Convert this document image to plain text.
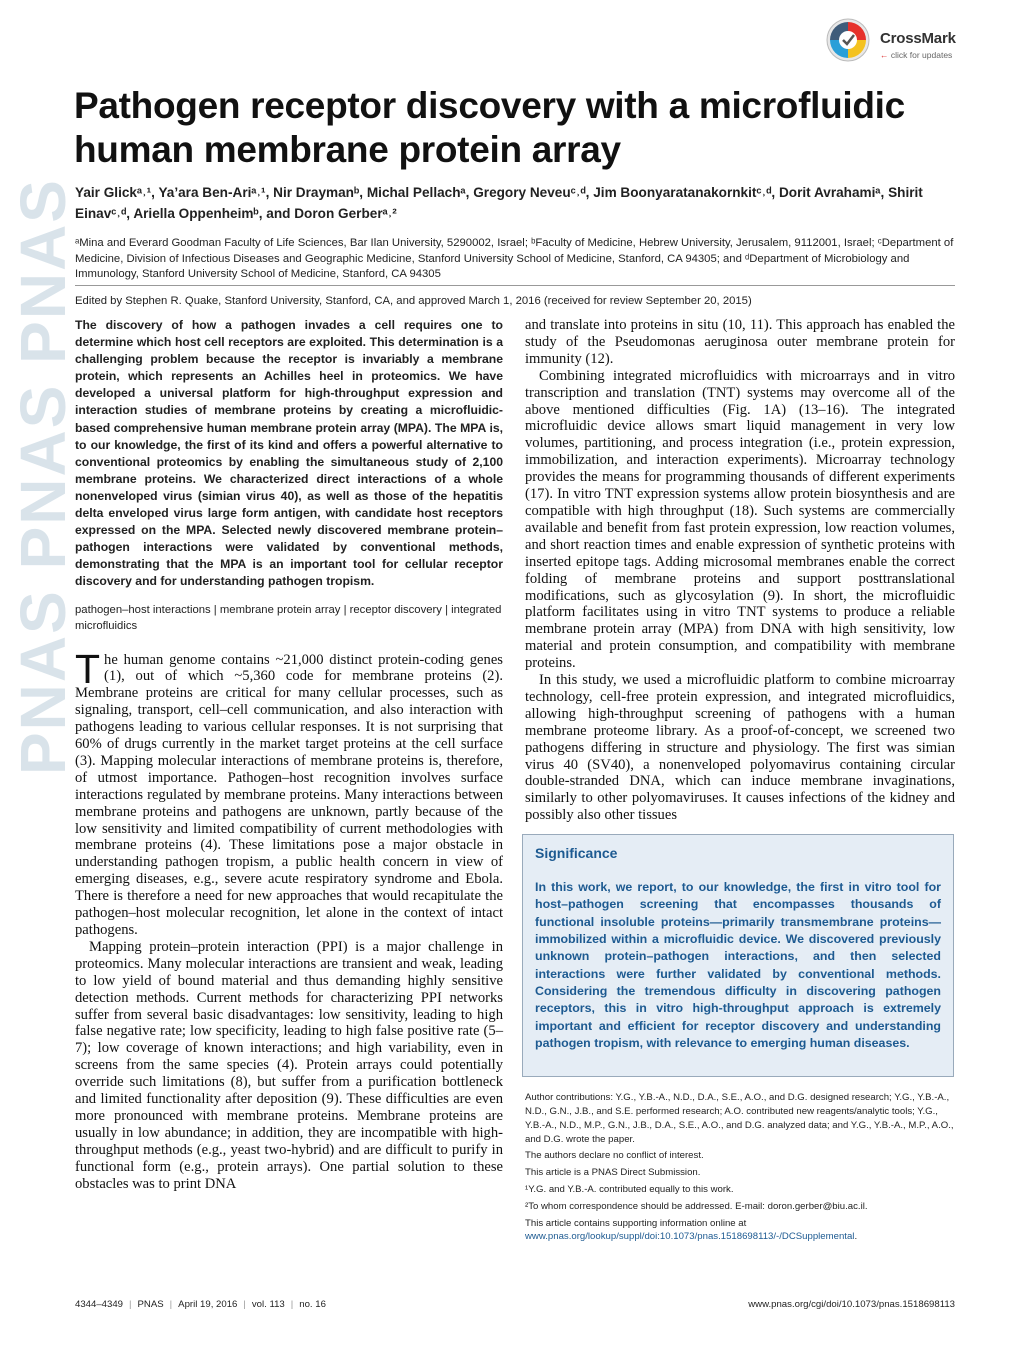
CrossMark
← click for updates
PNAS PNAS PNAS
Pathogen receptor discovery with a microfluidic human membrane protein array
Yair Glickᵃ˒¹, Ya’ara Ben-Ariᵃ˒¹, Nir Draymanᵇ, Michal Pellachᵃ, Gregory Neveuᶜ˒ᵈ, Jim Boonyaratanakornkitᶜ˒ᵈ, Dorit Avrahamiᵃ, Shirit Einavᶜ˒ᵈ, Ariella Oppenheimᵇ, and Doron Gerberᵃ˒²
ᵃMina and Everard Goodman Faculty of Life Sciences, Bar Ilan University, 5290002, Israel; ᵇFaculty of Medicine, Hebrew University, Jerusalem, 9112001, Israel; ᶜDepartment of Medicine, Division of Infectious Diseases and Geographic Medicine, Stanford University School of Medicine, Stanford, CA 94305; and ᵈDepartment of Microbiology and Immunology, Stanford University School of Medicine, Stanford, CA 94305
Edited by Stephen R. Quake, Stanford University, Stanford, CA, and approved March 1, 2016 (received for review September 20, 2015)

The discovery of how a pathogen invades a cell requires one to determine which host cell receptors are exploited. This determination is a challenging problem because the receptor is invariably a membrane protein, which represents an Achilles heel in proteomics. We have developed a universal platform for high-throughput expression and interaction studies of membrane proteins by creating a microfluidic-based comprehensive human membrane protein array (MPA). The MPA is, to our knowledge, the first of its kind and offers a powerful alternative to conventional proteomics by enabling the simultaneous study of 2,100 membrane proteins. We characterized direct interactions of a whole nonenveloped virus (simian virus 40), as well as those of the hepatitis delta enveloped virus large form antigen, with candidate host receptors expressed on the MPA. Selected newly discovered membrane protein–pathogen interactions were validated by conventional methods, demonstrating that the MPA is an important tool for cellular receptor discovery and for understanding pathogen tropism.

pathogen–host interactions | membrane protein array | receptor discovery | integrated microfluidics

The human genome contains ~21,000 distinct protein-coding genes (1), out of which ~5,360 code for membrane proteins (2). Membrane proteins are critical for many cellular processes, such as signaling, transport, cell–cell communication, and also interaction with pathogens leading to various cellular responses. It is not surprising that 60% of drugs currently in the market target proteins at the cell surface (3). Mapping molecular interactions of membrane proteins is, therefore, of utmost importance. Pathogen–host recognition involves surface interactions regulated by membrane proteins. Many interactions between membrane proteins and pathogens are unknown, partly because of the low sensitivity and limited compatibility of current methodologies with membrane proteins (4). These limitations pose a major obstacle in understanding pathogen tropism, a public health concern in view of emerging diseases, e.g., severe acute respiratory syndrome and Ebola. There is therefore a need for new approaches that would recapitulate the pathogen–host molecular recognition, let alone in the context of intact pathogens.

Mapping protein–protein interaction (PPI) is a major challenge in proteomics. Many molecular interactions are transient and weak, leading to low yield of bound material and thus demanding highly sensitive detection methods. Current methods for characterizing PPI networks suffer from several basic disadvantages: low sensitivity, leading to high false negative rate; low specificity, leading to high false positive rate (5–7); low coverage of known interactions; and high variability, even in screens from the same species (4). Protein arrays could potentially override such limitations (8), but suffer from a purification bottleneck and limited functionality after deposition (9). These difficulties are even more pronounced with membrane proteins. Membrane proteins are usually in low abundance; in addition, they are incompatible with high-throughput methods (e.g., yeast two-hybrid) and are difficult to purify in functional form (e.g., protein arrays). One partial solution to these obstacles was to print DNA

and translate into proteins in situ (10, 11). This approach has enabled the study of the Pseudomonas aeruginosa outer membrane protein for immunity (12).

Combining integrated microfluidics with microarrays and in vitro transcription and translation (TNT) systems may overcome all of the above mentioned difficulties (Fig. 1A) (13–16). The integrated microfluidic device allows smart liquid management in very low volumes, partitioning, and process integration (i.e., protein expression, immobilization, and interaction experiments). Microarray technology provides the means for programming thousands of different experiments (17). In vitro TNT expression systems allow protein biosynthesis and are compatible with high throughput (18). Such systems are commercially available and benefit from fast protein expression, low reaction volumes, and short reaction times and enable expression of synthetic proteins with inserted epitope tags. Adding microsomal membranes enable the correct folding of membrane proteins and support posttranslational modifications, such as glycosylation (9). In short, the microfluidic platform facilitates using in vitro TNT systems to produce a reliable membrane protein array (MPA) from DNA with high sensitivity, low material and protein consumption, and compatibility with membrane proteins.

In this study, we used a microfluidic platform to combine microarray technology, cell-free protein expression, and integrated microfluidics, allowing high-throughput screening of pathogens with a human membrane proteome library. As a proof-of-concept, we screened two pathogens differing in structure and physiology. The first was simian virus 40 (SV40), a nonenveloped polyomavirus containing circular double-stranded DNA, which can induce membrane invaginations, similarly to other polyomaviruses. It causes infections of the kidney and possibly also other tissues

Significance

In this work, we report, to our knowledge, the first in vitro tool for host–pathogen screening that encompasses thousands of functional insoluble proteins—primarily transmembrane proteins—immobilized within a microfluidic device. We discovered previously unknown protein–pathogen interactions, and then selected interactions were further validated by conventional methods. Considering the tremendous difficulty in discovering pathogen receptors, this in vitro high-throughput approach is extremely important and efficient for receptor discovery and understanding pathogen tropism, with relevance to emerging human diseases.

Author contributions: Y.G., Y.B.-A., N.D., D.A., S.E., A.O., and D.G. designed research; Y.G., Y.B.-A., N.D., G.N., J.B., and S.E. performed research; A.O. contributed new reagents/analytic tools; Y.G., Y.B.-A., N.D., M.P., G.N., J.B., D.A., S.E., A.O., and D.G. analyzed data; and Y.G., Y.B.-A., M.P., A.O., and D.G. wrote the paper.

The authors declare no conflict of interest.

This article is a PNAS Direct Submission.

¹Y.G. and Y.B.-A. contributed equally to this work.

²To whom correspondence should be addressed. E-mail: doron.gerber@biu.ac.il.

This article contains supporting information online at www.pnas.org/lookup/suppl/doi:10.1073/pnas.1518698113/-/DCSupplemental.

4344–4349 | PNAS | April 19, 2016 | vol. 113 | no. 16	www.pnas.org/cgi/doi/10.1073/pnas.1518698113
